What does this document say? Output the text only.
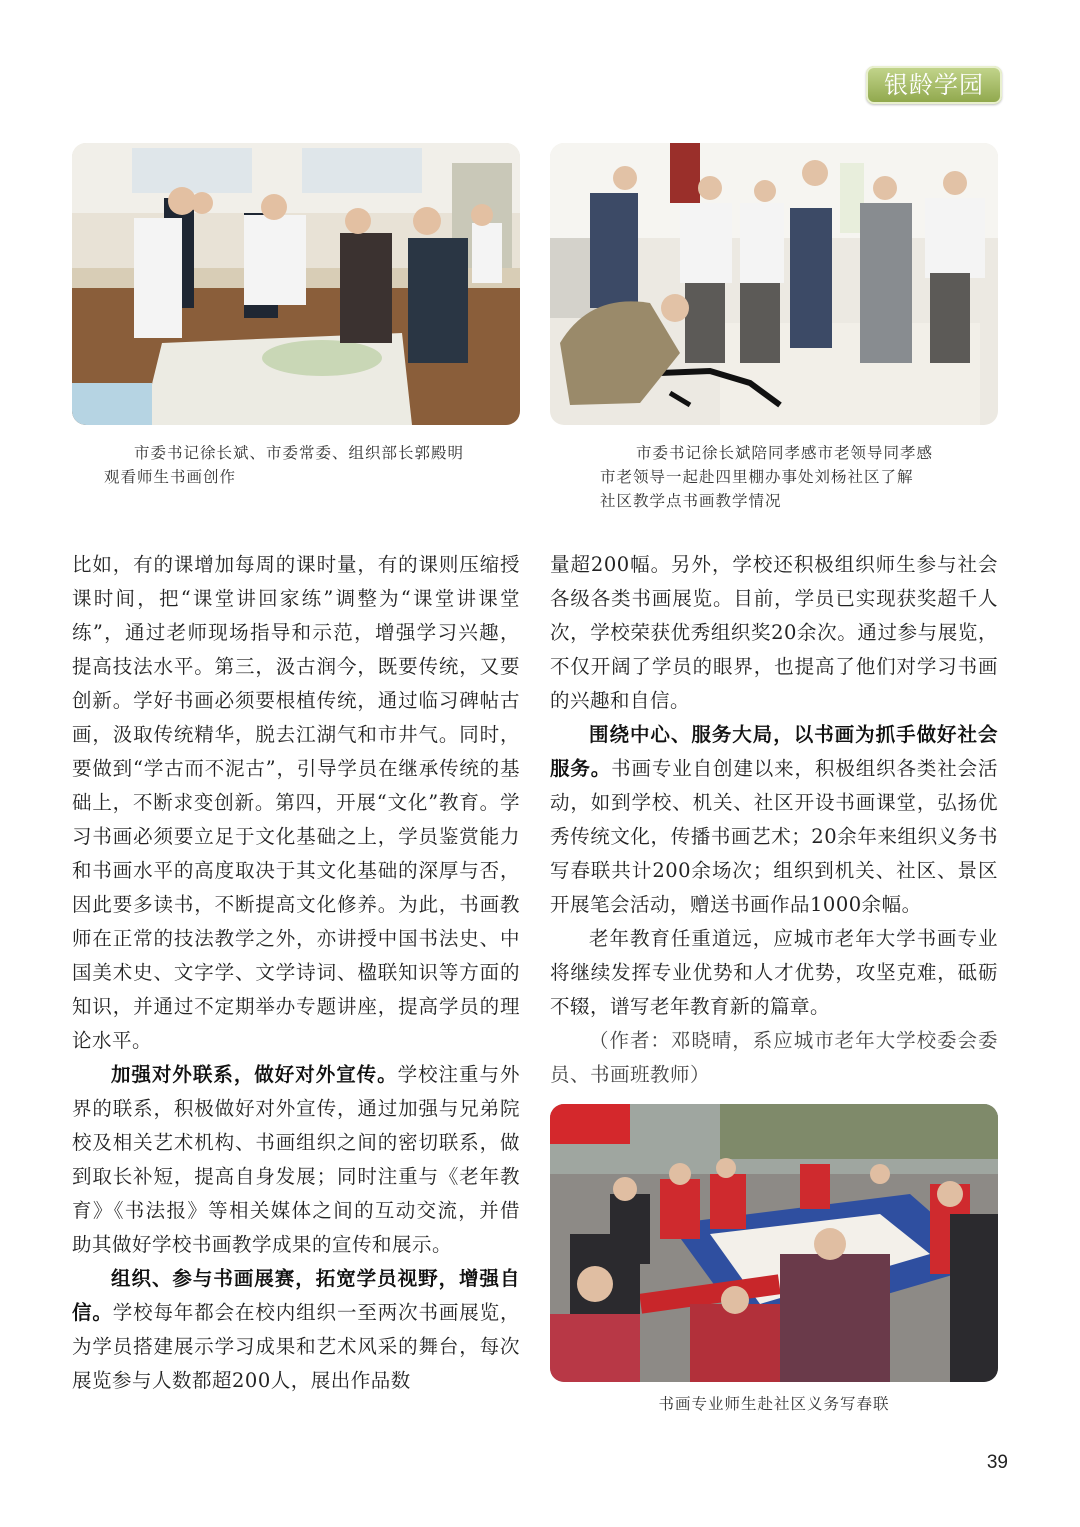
银龄学园
市委书记徐长斌、市委常委、组织部长郭殿明
观看师生书画创作
市委书记徐长斌陪同孝感市老领导同孝感
市老领导一起赴四里棚办事处刘杨社区了解
社区教学点书画教学情况

比如，有的课增加每周的课时量，有的课则压缩授课时间，把“课堂讲回家练”调整为“课堂讲课堂练”，通过老师现场指导和示范，增强学习兴趣，提高技法水平。第三，汲古润今，既要传统，又要创新。学好书画必须要根植传统，通过临习碑帖古画，汲取传统精华，脱去江湖气和市井气。同时，要做到“学古而不泥古”，引导学员在继承传统的基础上，不断求变创新。第四，开展“文化”教育。学习书画必须要立足于文化基础之上，学员鉴赏能力和书画水平的高度取决于其文化基础的深厚与否，因此要多读书，不断提高文化修养。为此，书画教师在正常的技法教学之外，亦讲授中国书法史、中国美术史、文字学、文学诗词、楹联知识等方面的知识，并通过不定期举办专题讲座，提高学员的理论水平。

加强对外联系，做好对外宣传。学校注重与外界的联系，积极做好对外宣传，通过加强与兄弟院校及相关艺术机构、书画组织之间的密切联系，做到取长补短，提高自身发展；同时注重与《老年教育》《书法报》等相关媒体之间的互动交流，并借助其做好学校书画教学成果的宣传和展示。

组织、参与书画展赛，拓宽学员视野，增强自信。学校每年都会在校内组织一至两次书画展览，为学员搭建展示学习成果和艺术风采的舞台，每次展览参与人数都超200人，展出作品数

量超200幅。另外，学校还积极组织师生参与社会各级各类书画展览。目前，学员已实现获奖超千人次，学校荣获优秀组织奖20余次。通过参与展览，不仅开阔了学员的眼界，也提高了他们对学习书画的兴趣和自信。

围绕中心、服务大局，以书画为抓手做好社会服务。书画专业自创建以来，积极组织各类社会活动，如到学校、机关、社区开设书画课堂，弘扬优秀传统文化，传播书画艺术；20余年来组织义务书写春联共计200余场次；组织到机关、社区、景区开展笔会活动，赠送书画作品1000余幅。

老年教育任重道远，应城市老年大学书画专业将继续发挥专业优势和人才优势，攻坚克难，砥砺不辍，谱写老年教育新的篇章。

（作者：邓晓晴，系应城市老年大学校委会委员、书画班教师）

书画专业师生赴社区义务写春联
39
